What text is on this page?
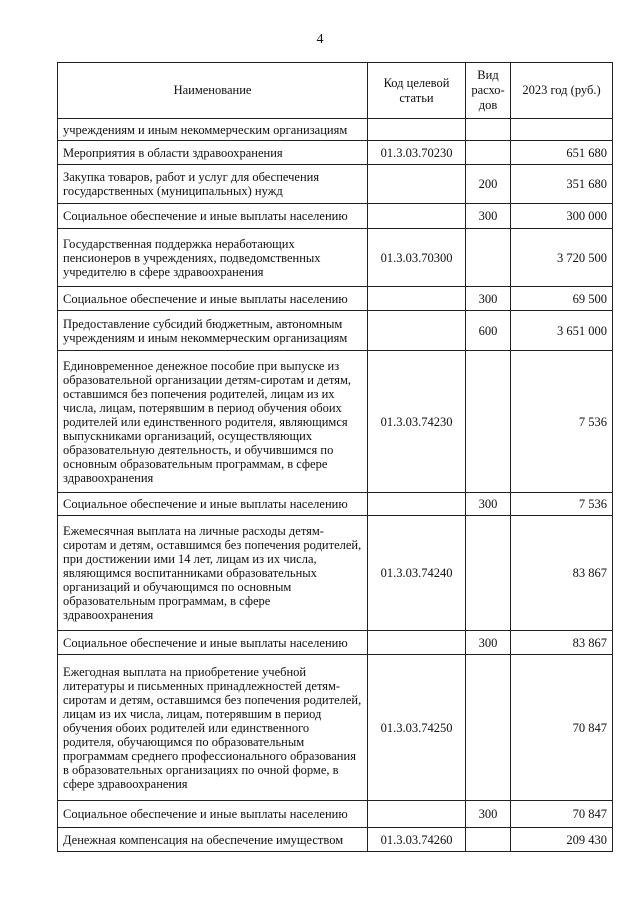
4
Наименование	Код целевой статьи	Вид расхо-дов	2023 год (руб.)
учреждениям и иным некоммерческим организациям			
Мероприятия в области здравоохранения	01.3.03.70230		651 680
Закупка товаров, работ и услуг для обеспечения государственных (муниципальных) нужд		200	351 680
Социальное обеспечение и иные выплаты населению		300	300 000
Государственная поддержка неработающих пенсионеров в учреждениях, подведомственных учредителю в сфере здравоохранения	01.3.03.70300		3 720 500
Социальное обеспечение и иные выплаты населению		300	69 500
Предоставление субсидий бюджетным, автономным учреждениям и иным некоммерческим организациям		600	3 651 000
Единовременное денежное пособие при выпуске из образовательной организации детям-сиротам и детям, оставшимся без попечения родителей, лицам из их числа, лицам, потерявшим в период обучения обоих родителей или единственного родителя, являющимся выпускниками организаций, осуществляющих образовательную деятельность, и обучившимся по основным образовательным программам, в сфере здравоохранения	01.3.03.74230		7 536
Социальное обеспечение и иные выплаты населению		300	7 536
Ежемесячная выплата на личные расходы детям-сиротам и детям, оставшимся без попечения родителей, при достижении ими 14 лет, лицам из их числа, являющимся воспитанниками образовательных организаций и обучающимся по основным образовательным программам, в сфере здравоохранения	01.3.03.74240		83 867
Социальное обеспечение и иные выплаты населению		300	83 867
Ежегодная выплата на приобретение учебной литературы и письменных принадлежностей детям-сиротам и детям, оставшимся без попечения родителей, лицам из их числа, лицам, потерявшим в период обучения обоих родителей или единственного родителя, обучающимся по образовательным программам среднего профессионального образования в образовательных организациях по очной форме, в сфере здравоохранения	01.3.03.74250		70 847
Социальное обеспечение и иные выплаты населению		300	70 847
Денежная компенсация на обеспечение имуществом	01.3.03.74260		209 430
